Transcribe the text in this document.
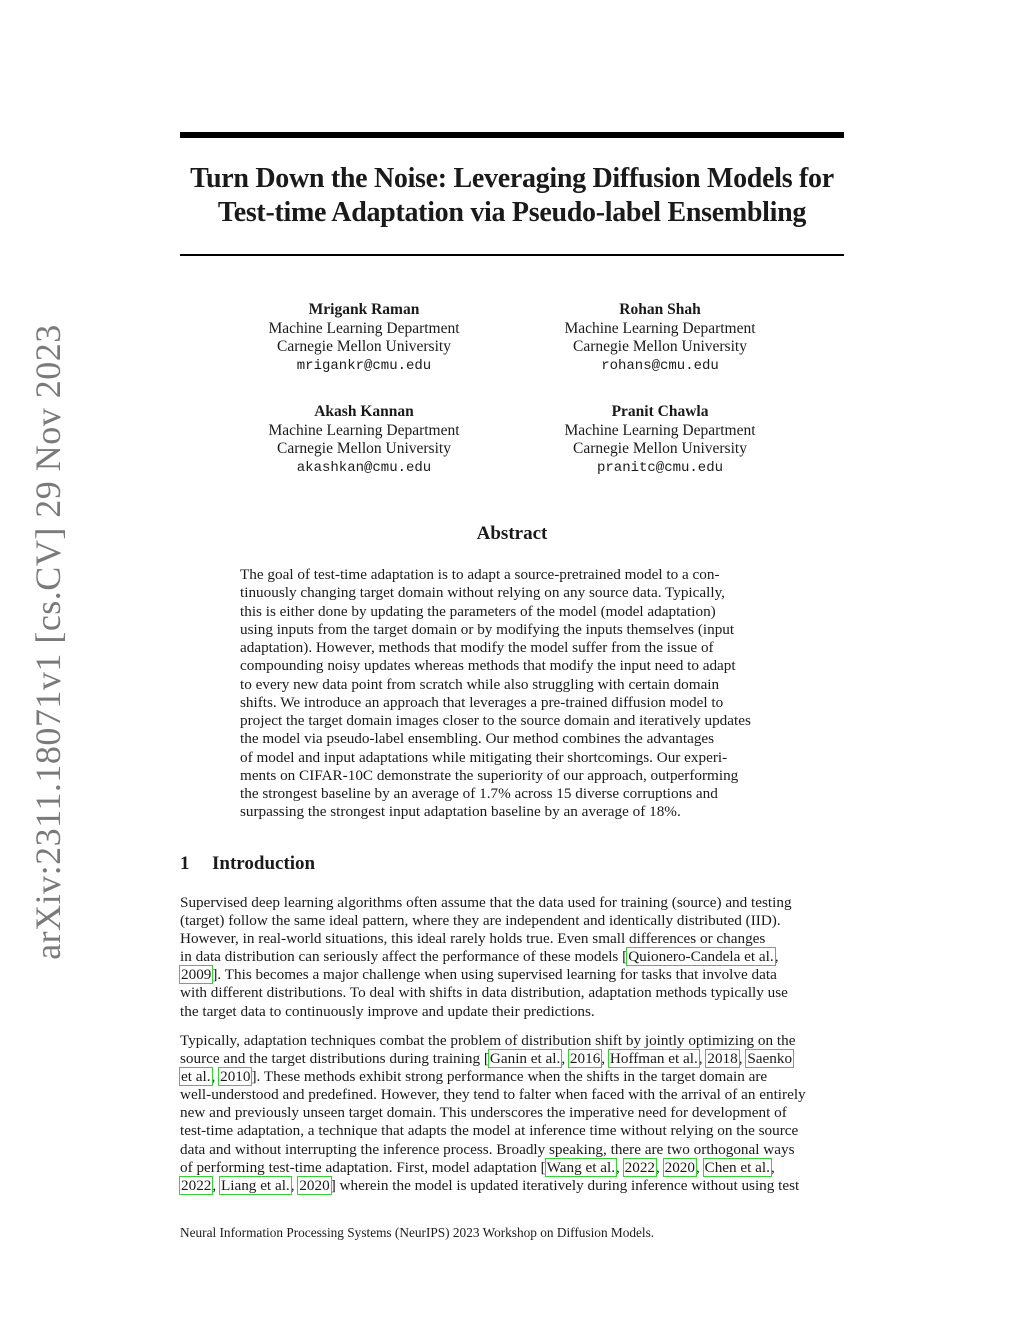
arXiv:2311.18071v1 [cs.CV] 29 Nov 2023
Turn Down the Noise: Leveraging Diffusion Models for
Test-time Adaptation via Pseudo-label Ensembling
Mrigank Raman
Machine Learning Department
Carnegie Mellon University
mrigankr@cmu.edu
Rohan Shah
Machine Learning Department
Carnegie Mellon University
rohans@cmu.edu
Akash Kannan
Machine Learning Department
Carnegie Mellon University
akashkan@cmu.edu
Pranit Chawla
Machine Learning Department
Carnegie Mellon University
pranitc@cmu.edu
Abstract

The goal of test-time adaptation is to adapt a source-pretrained model to a con-
tinuously changing target domain without relying on any source data. Typically,
this is either done by updating the parameters of the model (model adaptation)
using inputs from the target domain or by modifying the inputs themselves (input
adaptation). However, methods that modify the model suffer from the issue of
compounding noisy updates whereas methods that modify the input need to adapt
to every new data point from scratch while also struggling with certain domain
shifts. We introduce an approach that leverages a pre-trained diffusion model to
project the target domain images closer to the source domain and iteratively updates
the model via pseudo-label ensembling. Our method combines the advantages
of model and input adaptations while mitigating their shortcomings. Our experi-
ments on CIFAR-10C demonstrate the superiority of our approach, outperforming
the strongest baseline by an average of 1.7% across 15 diverse corruptions and
surpassing the strongest input adaptation baseline by an average of 18%.

1 Introduction

Supervised deep learning algorithms often assume that the data used for training (source) and testing
(target) follow the same ideal pattern, where they are independent and identically distributed (IID).
However, in real-world situations, this ideal rarely holds true. Even small differences or changes
in data distribution can seriously affect the performance of these models [Quionero-Candela et al.,
2009]. This becomes a major challenge when using supervised learning for tasks that involve data
with different distributions. To deal with shifts in data distribution, adaptation methods typically use
the target data to continuously improve and update their predictions.

Typically, adaptation techniques combat the problem of distribution shift by jointly optimizing on the
source and the target distributions during training [Ganin et al., 2016, Hoffman et al., 2018, Saenko
et al., 2010]. These methods exhibit strong performance when the shifts in the target domain are
well-understood and predefined. However, they tend to falter when faced with the arrival of an entirely
new and previously unseen target domain. This underscores the imperative need for development of
test-time adaptation, a technique that adapts the model at inference time without relying on the source
data and without interrupting the inference process. Broadly speaking, there are two orthogonal ways
of performing test-time adaptation. First, model adaptation [Wang et al., 2022, 2020, Chen et al.,
2022, Liang et al., 2020] wherein the model is updated iteratively during inference without using test

Neural Information Processing Systems (NeurIPS) 2023 Workshop on Diffusion Models.
